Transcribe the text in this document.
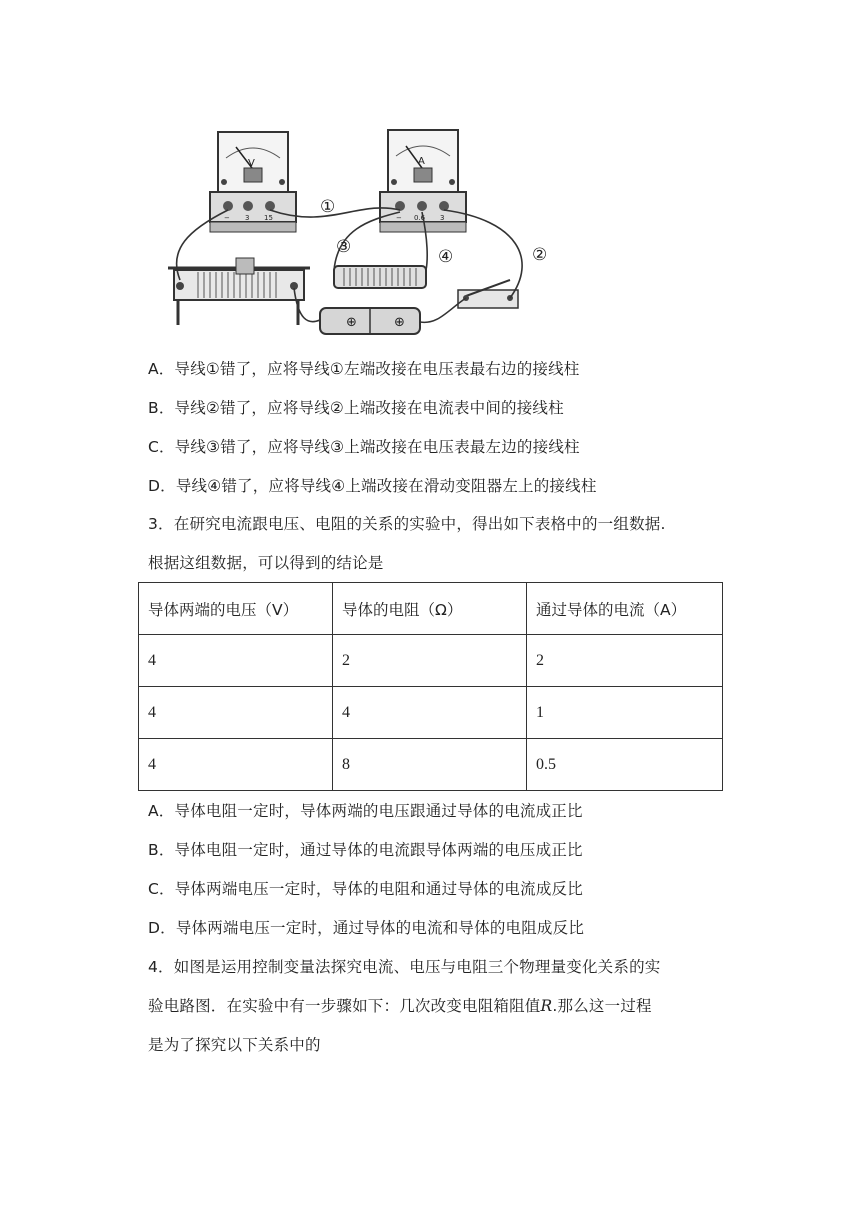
V
− 3 15
A
− 0.6 3
⊕	⊕
①
②
③	④
A．导线①错了，应将导线①左端改接在电压表最右边的接线柱
B．导线②错了，应将导线②上端改接在电流表中间的接线柱
C．导线③错了，应将导线③上端改接在电压表最左边的接线柱
D．导线④错了，应将导线④上端改接在滑动变阻器左上的接线柱
3．在研究电流跟电压、电阻的关系的实验中，得出如下表格中的一组数据.
根据这组数据，可以得到的结论是
导体两端的电压（V）	导体的电阻（Ω）	通过导体的电流（A）
4	2	2
4	4	1
4	8	0.5
A．导体电阻一定时，导体两端的电压跟通过导体的电流成正比
B．导体电阻一定时，通过导体的电流跟导体两端的电压成正比
C．导体两端电压一定时，导体的电阻和通过导体的电流成反比
D．导体两端电压一定时，通过导体的电流和导体的电阻成反比
4．如图是运用控制变量法探究电流、电压与电阻三个物理量变化关系的实
验电路图．在实验中有一步骤如下：几次改变电阻箱阻值R.那么这一过程
是为了探究以下关系中的
